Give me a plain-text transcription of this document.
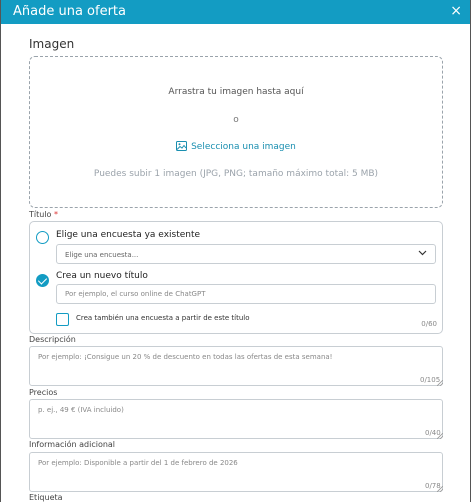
Añade una oferta	×
Imagen
Arrastra tu imagen hasta aquí
o
Selecciona una imagen
Puedes subir 1 imagen (JPG, PNG; tamaño máximo total: 5 MB)
Título *
Elige una encuesta ya existente
Elige una encuesta...
Crea un nuevo título
Por ejemplo, el curso online de ChatGPT
Crea también una encuesta a partir de este título
0/60
Descripción
Por ejemplo: ¡Consigue un 20 % de descuento en todas las ofertas de esta semana!
0/105
Precios
p. ej., 49 € (IVA incluido)
0/40
Información adicional
Por ejemplo: Disponible a partir del 1 de febrero de 2026
0/78
Etiqueta
